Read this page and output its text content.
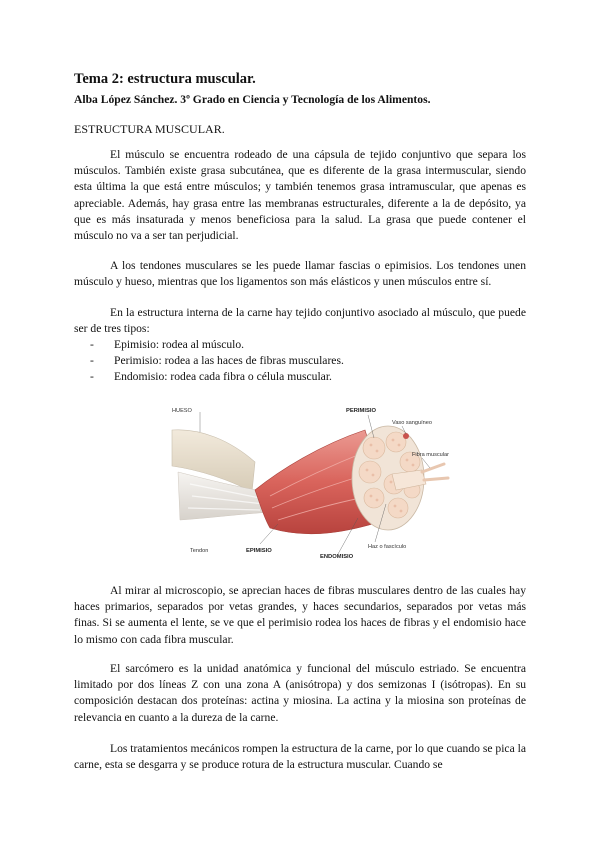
Tema 2: estructura muscular.
Alba López Sánchez. 3º Grado en Ciencia y Tecnología de los Alimentos.
ESTRUCTURA MUSCULAR.

El músculo se encuentra rodeado de una cápsula de tejido conjuntivo que separa los músculos. También existe grasa subcutánea, que es diferente de la grasa intermuscular, siendo esta última la que está entre músculos; y también tenemos grasa intramuscular, que apenas es apreciable. Además, hay grasa entre las membranas estructurales, diferente a la de depósito, ya que es más insaturada y menos beneficiosa para la salud. La grasa que puede contener el músculo no va a ser tan perjudicial.

A los tendones musculares se les puede llamar fascias o epimisios. Los tendones unen músculo y hueso, mientras que los ligamentos son más elásticos y unen músculos entre sí.

En la estructura interna de la carne hay tejido conjuntivo asociado al músculo, que puede ser de tres tipos:

- Epimisio: rodea al músculo.
- Perimisio: rodea a las haces de fibras musculares.
- Endomisio: rodea cada fibra o célula muscular.
HUESO
Tendon	EPIMISIO
PERIMISIO
Vaso sanguíneo
Fibra muscular
Haz o fascículo
ENDOMISIO

Al mirar al microscopio, se aprecian haces de fibras musculares dentro de las cuales hay haces primarios, separados por vetas grandes, y haces secundarios, separados por vetas más finas. Si se aumenta el lente, se ve que el perimisio rodea los haces de fibras y el endomisio hace lo mismo con cada fibra muscular.

El sarcómero es la unidad anatómica y funcional del músculo estriado. Se encuentra limitado por dos líneas Z con una zona A (anisótropa) y dos semizonas I (isótropas). En su composición destacan dos proteínas: actina y miosina. La actina y la miosina son proteínas de relevancia en cuanto a la dureza de la carne.

Los tratamientos mecánicos rompen la estructura de la carne, por lo que cuando se pica la carne, esta se desgarra y se produce rotura de la estructura muscular. Cuando se
